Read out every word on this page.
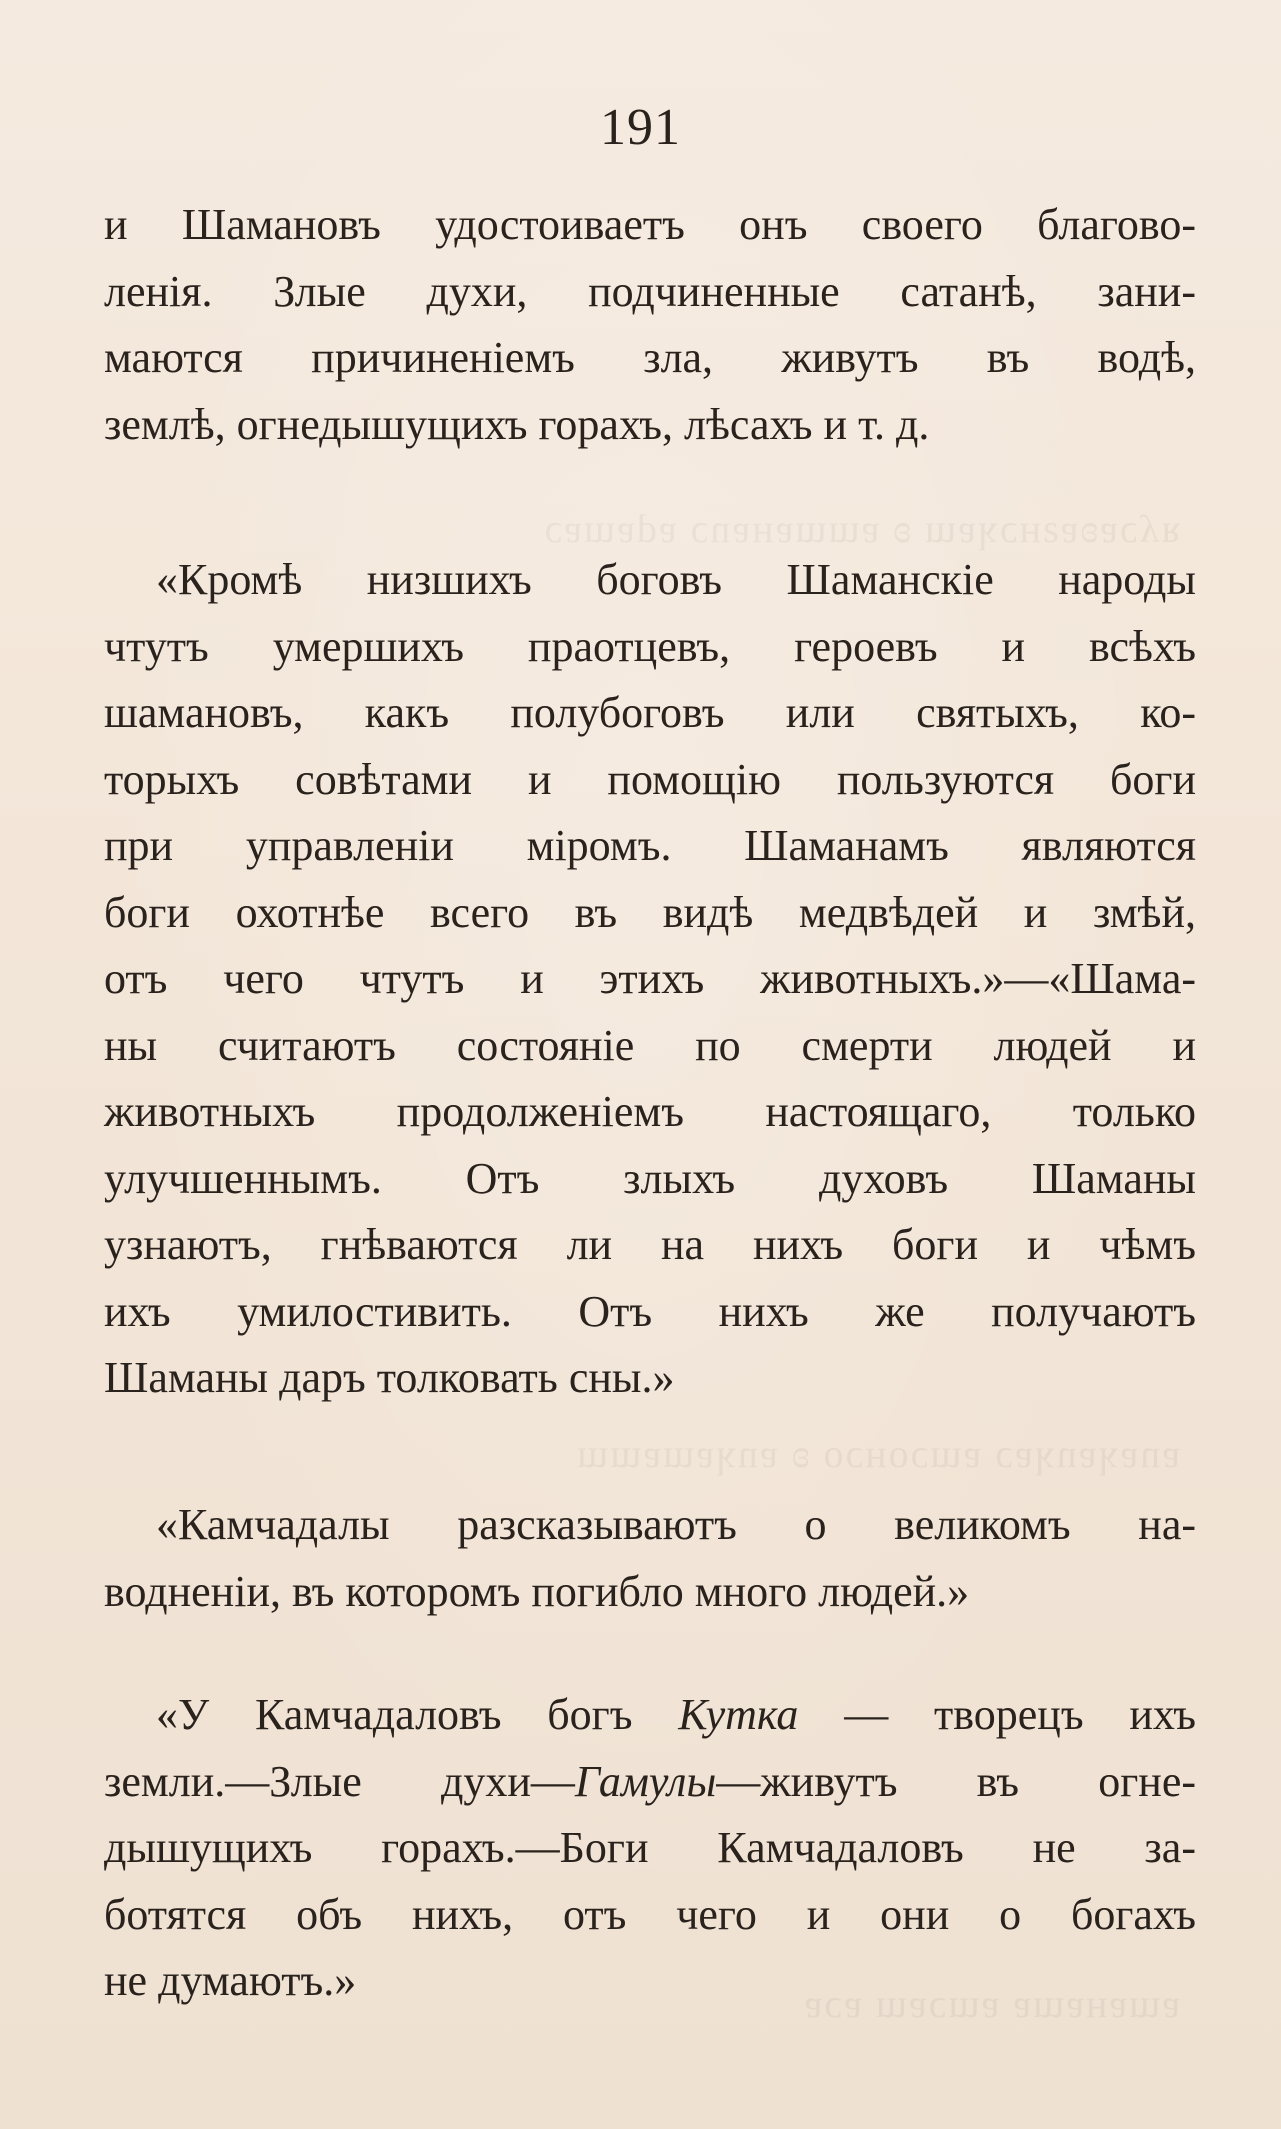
ᴚʎɔɐʚɐƨнɔʞɐɯ ʚ ɐɯɯɐнɐnɔ ɐdɐɯɐɔ
ɐnɐʞɐnʞɐɔ ɐɯɔoнɔо ʚ ɐnʞɐɯɐɯɯ
ɐɯɐнɐɯɐ ɐɯɔɐɯ ɐɔɐ
191
и Шамановъ удостоиваетъ онъ своего благово-
ленія. Злые духи, подчиненные сатанѣ, зани-
маются причиненіемъ зла, живутъ въ водѣ,
землѣ, огнедышущихъ горахъ, лѣсахъ и т. д.
«Кромѣ низшихъ боговъ Шаманскіе народы
чтутъ умершихъ праотцевъ, героевъ и всѣхъ
шамановъ, какъ полубоговъ или святыхъ, ко-
торыхъ совѣтами и помощію пользуются боги
при управленіи міромъ. Шаманамъ являются
боги охотнѣе всего въ видѣ медвѣдей и змѣй,
отъ чего чтутъ и этихъ животныхъ.»—«Шама-
ны считаютъ состояніе по смерти людей и
животныхъ продолженіемъ настоящаго, только
улучшеннымъ. Отъ злыхъ духовъ Шаманы
узнаютъ, гнѣваются ли на нихъ боги и чѣмъ
ихъ умилостивить. Отъ нихъ же получаютъ
Шаманы даръ толковать сны.»
«Камчадалы разсказываютъ о великомъ на-
водненіи, въ которомъ погибло много людей.»
«У Камчадаловъ богъ Кутка — творецъ ихъ
земли.—Злые духи—Гамулы—живутъ въ огне-
дышущихъ горахъ.—Боги Камчадаловъ не за-
ботятся объ нихъ, отъ чего и они о богахъ
не думаютъ.»
